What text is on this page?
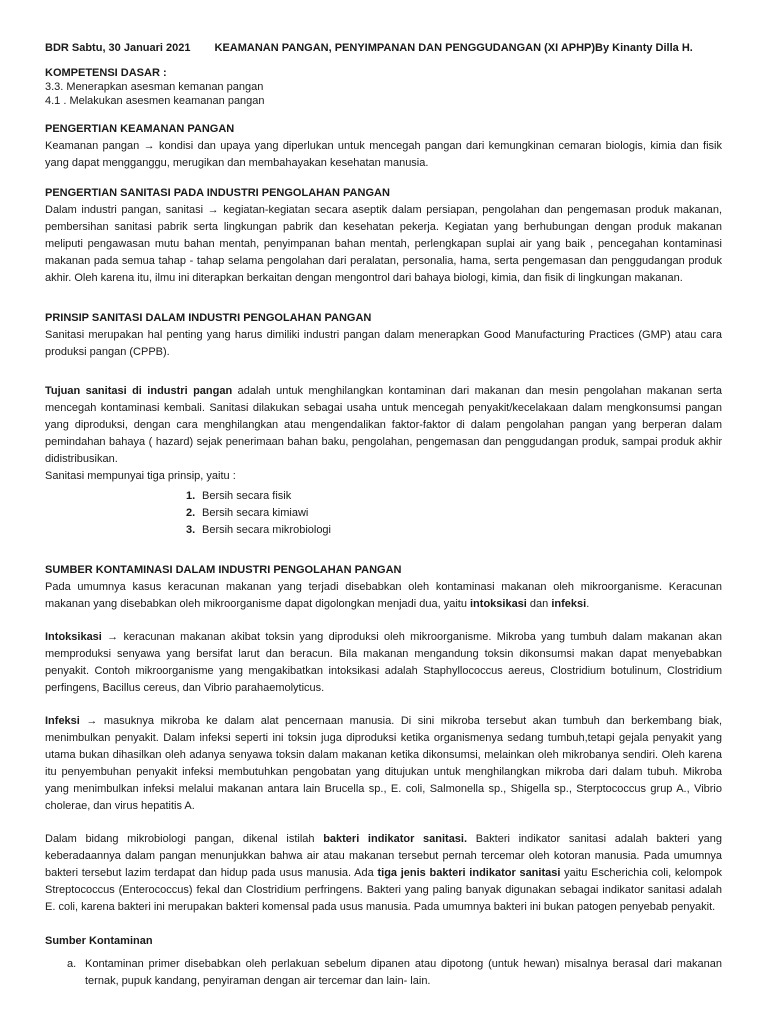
BDR Sabtu, 30 Januari 2021 KEAMANAN PANGAN, PENYIMPANAN DAN PENGGUDANGAN (XI APHP)By Kinanty Dilla H.
KOMPETENSI DASAR :
3.3. Menerapkan asesman kemanan pangan
4.1 . Melakukan asesmen keamanan pangan
PENGERTIAN KEAMANAN PANGAN

Keamanan pangan → kondisi dan upaya yang diperlukan untuk mencegah pangan dari kemungkinan cemaran biologis, kimia dan fisik yang dapat mengganggu, merugikan dan membahayakan kesehatan manusia.

PENGERTIAN SANITASI PADA INDUSTRI PENGOLAHAN PANGAN

Dalam industri pangan, sanitasi → kegiatan-kegiatan secara aseptik dalam persiapan, pengolahan dan pengemasan produk makanan, pembersihan sanitasi pabrik serta lingkungan pabrik dan kesehatan pekerja. Kegiatan yang berhubungan dengan produk makanan meliputi pengawasan mutu bahan mentah, penyimpanan bahan mentah, perlengkapan suplai air yang baik , pencegahan kontaminasi makanan pada semua tahap - tahap selama pengolahan dari peralatan, personalia, hama, serta pengemasan dan penggudangan produk akhir. Oleh karena itu, ilmu ini diterapkan berkaitan dengan mengontrol dari bahaya biologi, kimia, dan fisik di lingkungan makanan.

PRINSIP SANITASI DALAM INDUSTRI PENGOLAHAN PANGAN

Sanitasi merupakan hal penting yang harus dimiliki industri pangan dalam menerapkan Good Manufacturing Practices (GMP) atau cara produksi pangan (CPPB).

Tujuan sanitasi di industri pangan adalah untuk menghilangkan kontaminan dari makanan dan mesin pengolahan makanan serta mencegah kontaminasi kembali. Sanitasi dilakukan sebagai usaha untuk mencegah penyakit/kecelakaan dalam mengkonsumsi pangan yang diproduksi, dengan cara menghilangkan atau mengendalikan faktor-faktor di dalam pengolahan pangan yang berperan dalam pemindahan bahaya ( hazard) sejak penerimaan bahan baku, pengolahan, pengemasan dan penggudangan produk, sampai produk akhir didistribusikan.

Sanitasi mempunyai tiga prinsip, yaitu :

1. Bersih secara fisik
2. Bersih secara kimiawi
3. Bersih secara mikrobiologi
SUMBER KONTAMINASI DALAM INDUSTRI PENGOLAHAN PANGAN

Pada umumnya kasus keracunan makanan yang terjadi disebabkan oleh kontaminasi makanan oleh mikroorganisme. Keracunan makanan yang disebabkan oleh mikroorganisme dapat digolongkan menjadi dua, yaitu intoksikasi dan infeksi.

Intoksikasi → keracunan makanan akibat toksin yang diproduksi oleh mikroorganisme. Mikroba yang tumbuh dalam makanan akan memproduksi senyawa yang bersifat larut dan beracun. Bila makanan mengandung toksin dikonsumsi makan dapat menyebabkan penyakit. Contoh mikroorganisme yang mengakibatkan intoksikasi adalah Staphyllococcus aereus, Clostridium botulinum, Clostridium perfingens, Bacillus cereus, dan Vibrio parahaemolyticus.

Infeksi → masuknya mikroba ke dalam alat pencernaan manusia. Di sini mikroba tersebut akan tumbuh dan berkembang biak, menimbulkan penyakit. Dalam infeksi seperti ini toksin juga diproduksi ketika organismenya sedang tumbuh,tetapi gejala penyakit yang utama bukan dihasilkan oleh adanya senyawa toksin dalam makanan ketika dikonsumsi, melainkan oleh mikrobanya sendiri. Oleh karena itu penyembuhan penyakit infeksi membutuhkan pengobatan yang ditujukan untuk menghilangkan mikroba dari dalam tubuh. Mikroba yang menimbulkan infeksi melalui makanan antara lain Brucella sp., E. coli, Salmonella sp., Shigella sp., Sterptococcus grup A., Vibrio cholerae, dan virus hepatitis A.

Dalam bidang mikrobiologi pangan, dikenal istilah bakteri indikator sanitasi. Bakteri indikator sanitasi adalah bakteri yang keberadaannya dalam pangan menunjukkan bahwa air atau makanan tersebut pernah tercemar oleh kotoran manusia. Pada umumnya bakteri tersebut lazim terdapat dan hidup pada usus manusia. Ada tiga jenis bakteri indikator sanitasi yaitu Escherichia coli, kelompok Streptococcus (Enterococcus) fekal dan Clostridium perfringens. Bakteri yang paling banyak digunakan sebagai indikator sanitasi adalah E. coli, karena bakteri ini merupakan bakteri komensal pada usus manusia. Pada umumnya bakteri ini bukan patogen penyebab penyakit.

Sumber Kontaminan
a. Kontaminan primer disebabkan oleh perlakuan sebelum dipanen atau dipotong (untuk hewan) misalnya berasal dari makanan ternak, pupuk kandang, penyiraman dengan air tercemar dan lain- lain.
